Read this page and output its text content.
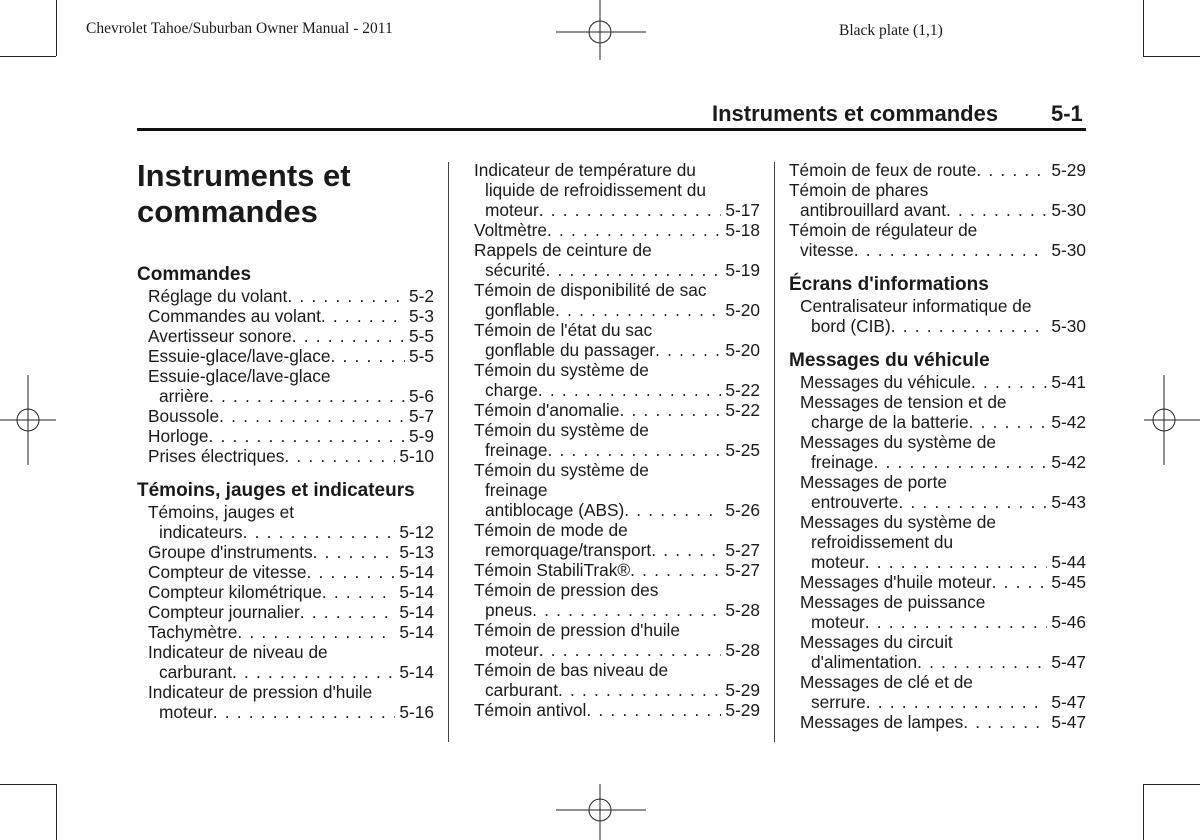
Chevrolet Tahoe/Suburban Owner Manual - 2011	Black plate (1,1)
Instruments et commandes 5-1
Instruments et
commandes
Commandes
Réglage du volant . . .	5-2
Commandes au volant . . .	5-3
Avertisseur sonore . . .	5-5
Essuie-glace/lave-glace . . .	5-5
Essuie-glace/lave-glace
arrière . . .	5-6
Boussole . . .	5-7
Horloge . . .	5-9
Prises électriques . . .	5-10
Témoins, jauges et indicateurs
Témoins, jauges et
indicateurs . . .	5-12
Groupe d'instruments . . .	5-13
Compteur de vitesse . . .	5-14
Compteur kilométrique . . .	5-14
Compteur journalier . . .	5-14
Tachymètre . . .	5-14
Indicateur de niveau de
carburant . . .	5-14
Indicateur de pression d'huile
moteur . . .	5-16
Indicateur de température du
liquide de refroidissement du
moteur . . .	5-17
Voltmètre . . .	5-18
Rappels de ceinture de
sécurité . . .	5-19
Témoin de disponibilité de sac
gonflable . . .	5-20
Témoin de l'état du sac
gonflable du passager . . .	5-20
Témoin du système de
charge . . .	5-22
Témoin d'anomalie . . .	5-22
Témoin du système de
freinage . . .	5-25
Témoin du système de
freinage
antiblocage (ABS) . . .	5-26
Témoin de mode de
remorquage/transport . . .	5-27
Témoin StabiliTrak® . . .	5-27
Témoin de pression des
pneus . . .	5-28
Témoin de pression d'huile
moteur . . .	5-28
Témoin de bas niveau de
carburant . . .	5-29
Témoin antivol . . .	5-29
Témoin de feux de route . . .	5-29
Témoin de phares
antibrouillard avant . . .	5-30
Témoin de régulateur de
vitesse . . .	5-30
Écrans d'informations
Centralisateur informatique de
bord (CIB) . . .	5-30
Messages du véhicule
Messages du véhicule . . .	5-41
Messages de tension et de
charge de la batterie . . .	5-42
Messages du système de
freinage . . .	5-42
Messages de porte
entrouverte . . .	5-43
Messages du système de
refroidissement du
moteur . . .	5-44
Messages d'huile moteur . . .	5-45
Messages de puissance
moteur . . .	5-46
Messages du circuit
d'alimentation . . .	5-47
Messages de clé et de
serrure . . .	5-47
Messages de lampes . . .	5-47
